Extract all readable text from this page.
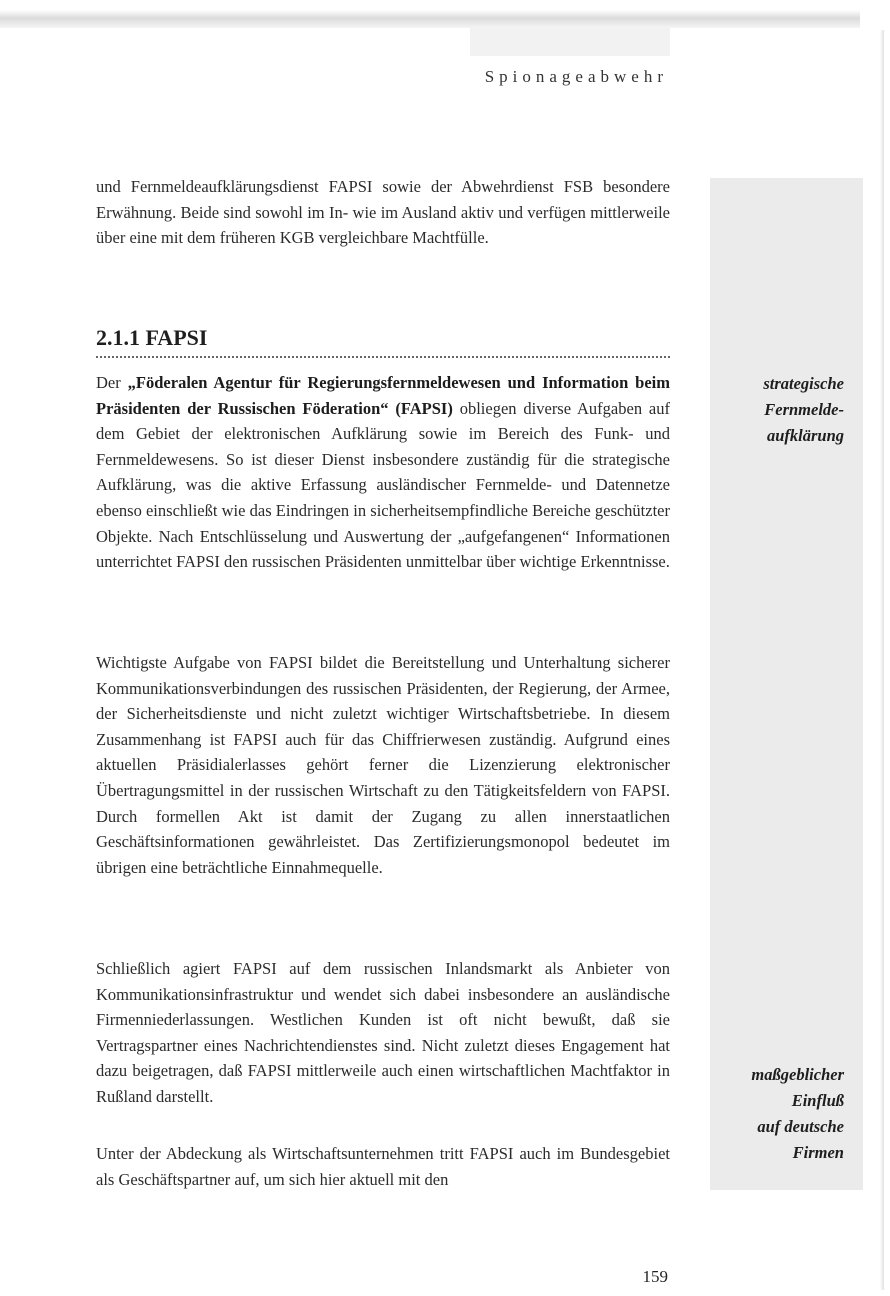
Spionageabwehr

und Fernmeldeaufklärungsdienst FAPSI sowie der Abwehrdienst FSB besondere Erwähnung. Beide sind sowohl im In- wie im Ausland aktiv und verfügen mittlerweile über eine mit dem früheren KGB vergleichbare Machtfülle.

2.1.1 FAPSI

Der „Föderalen Agentur für Regierungsfernmeldewesen und Information beim Präsidenten der Russischen Föderation“ (FAPSI) obliegen diverse Aufgaben auf dem Gebiet der elektronischen Aufklärung sowie im Bereich des Funk- und Fernmeldewesens. So ist dieser Dienst insbesondere zuständig für die strategische Aufklärung, was die aktive Erfassung ausländischer Fernmelde- und Datennetze ebenso einschließt wie das Eindringen in sicherheitsempfindliche Bereiche geschützter Objekte. Nach Entschlüsselung und Auswertung der „aufgefangenen“ Informationen unterrichtet FAPSI den russischen Präsidenten unmittelbar über wichtige Erkenntnisse.

Wichtigste Aufgabe von FAPSI bildet die Bereitstellung und Unterhaltung sicherer Kommunikationsverbindungen des russischen Präsidenten, der Regierung, der Armee, der Sicherheitsdienste und nicht zuletzt wichtiger Wirtschaftsbetriebe. In diesem Zusammenhang ist FAPSI auch für das Chiffrierwesen zuständig. Aufgrund eines aktuellen Präsidialerlasses gehört ferner die Lizenzierung elektronischer Übertragungsmittel in der russischen Wirtschaft zu den Tätigkeitsfeldern von FAPSI. Durch formellen Akt ist damit der Zugang zu allen innerstaatlichen Geschäftsinformationen gewährleistet. Das Zertifizierungsmonopol bedeutet im übrigen eine beträchtliche Einnahmequelle.

Schließlich agiert FAPSI auf dem russischen Inlandsmarkt als Anbieter von Kommunikationsinfrastruktur und wendet sich dabei insbesondere an ausländische Firmenniederlassungen. Westlichen Kunden ist oft nicht bewußt, daß sie Vertragspartner eines Nachrichtendienstes sind. Nicht zuletzt dieses Engagement hat dazu beigetragen, daß FAPSI mittlerweile auch einen wirtschaftlichen Machtfaktor in Rußland darstellt.

Unter der Abdeckung als Wirtschaftsunternehmen tritt FAPSI auch im Bundesgebiet als Geschäftspartner auf, um sich hier aktuell mit den

strategische
Fernmelde-
aufklärung
maßgeblicher
Einfluß
auf deutsche
Firmen
159
